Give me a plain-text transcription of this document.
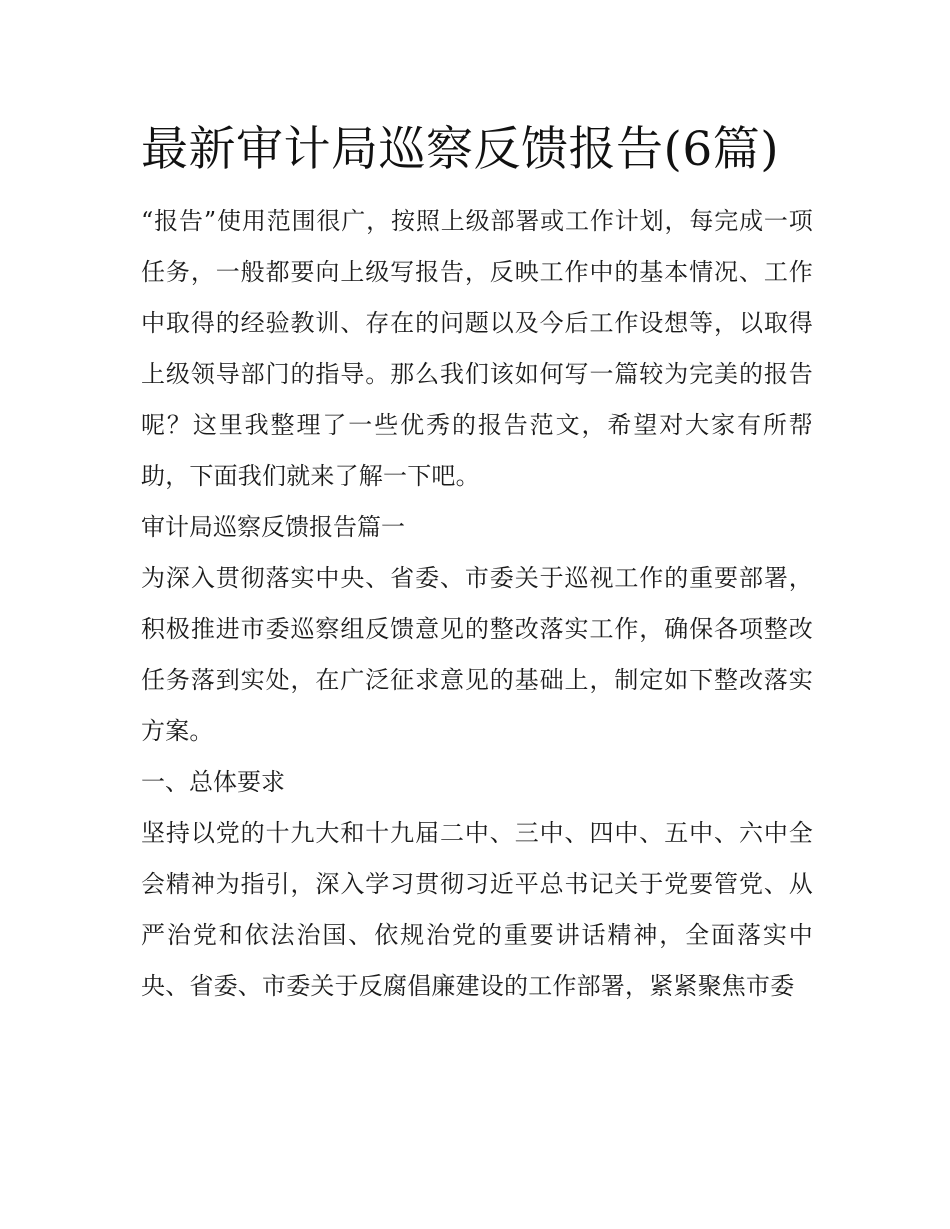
最新审计局巡察反馈报告(6篇)

“报告”使用范围很广，按照上级部署或工作计划，每完成一项任务，一般都要向上级写报告，反映工作中的基本情况、工作中取得的经验教训、存在的问题以及今后工作设想等，以取得上级领导部门的指导。那么我们该如何写一篇较为完美的报告呢？这里我整理了一些优秀的报告范文，希望对大家有所帮助，下面我们就来了解一下吧。

审计局巡察反馈报告篇一

为深入贯彻落实中央、省委、市委关于巡视工作的重要部署，积极推进市委巡察组反馈意见的整改落实工作，确保各项整改任务落到实处，在广泛征求意见的基础上，制定如下整改落实方案。

一、总体要求

坚持以党的十九大和十九届二中、三中、四中、五中、六中全会精神为指引，深入学习贯彻习近平总书记关于党要管党、从严治党和依法治国、依规治党的重要讲话精神，全面落实中央、省委、市委关于反腐倡廉建设的工作部署，紧紧聚焦市委
